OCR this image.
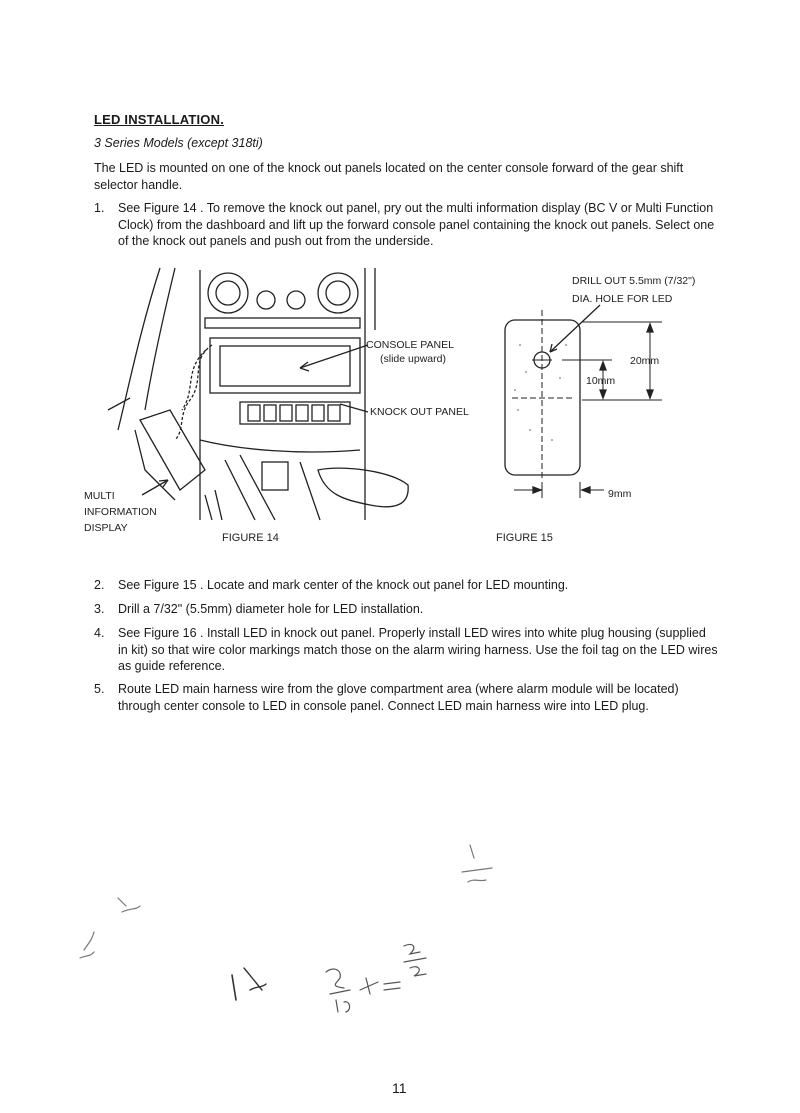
LED INSTALLATION.
3 Series Models (except 318ti)
The LED is mounted on one of the knock out panels located on the center console forward of the gear shift selector handle.
1. See Figure 14 . To remove the knock out panel, pry out the multi information display (BC V or Multi Function Clock) from the dashboard and lift up the forward console panel containing the knock out panels. Select one of the knock out panels and push out from the underside.
CONSOLE PANEL
(slide upward)
KNOCK OUT PANEL
MULTI
INFORMATION
DISPLAY
FIGURE 14
DRILL OUT 5.5mm (7/32")
DIA. HOLE FOR LED
20mm
10mm
9mm
FIGURE 15
2. See Figure 15 . Locate and mark center of the knock out panel for LED mounting.
3. Drill a 7/32" (5.5mm) diameter hole for LED installation.
4. See Figure 16 . Install LED in knock out panel. Properly install LED wires into white plug housing (supplied in kit) so that wire color markings match those on the alarm wiring harness. Use the foil tag on the LED wires as guide reference.
5. Route LED main harness wire from the glove compartment area (where alarm module will be located) through center console to LED in console panel. Connect LED main harness wire into LED plug.
11
